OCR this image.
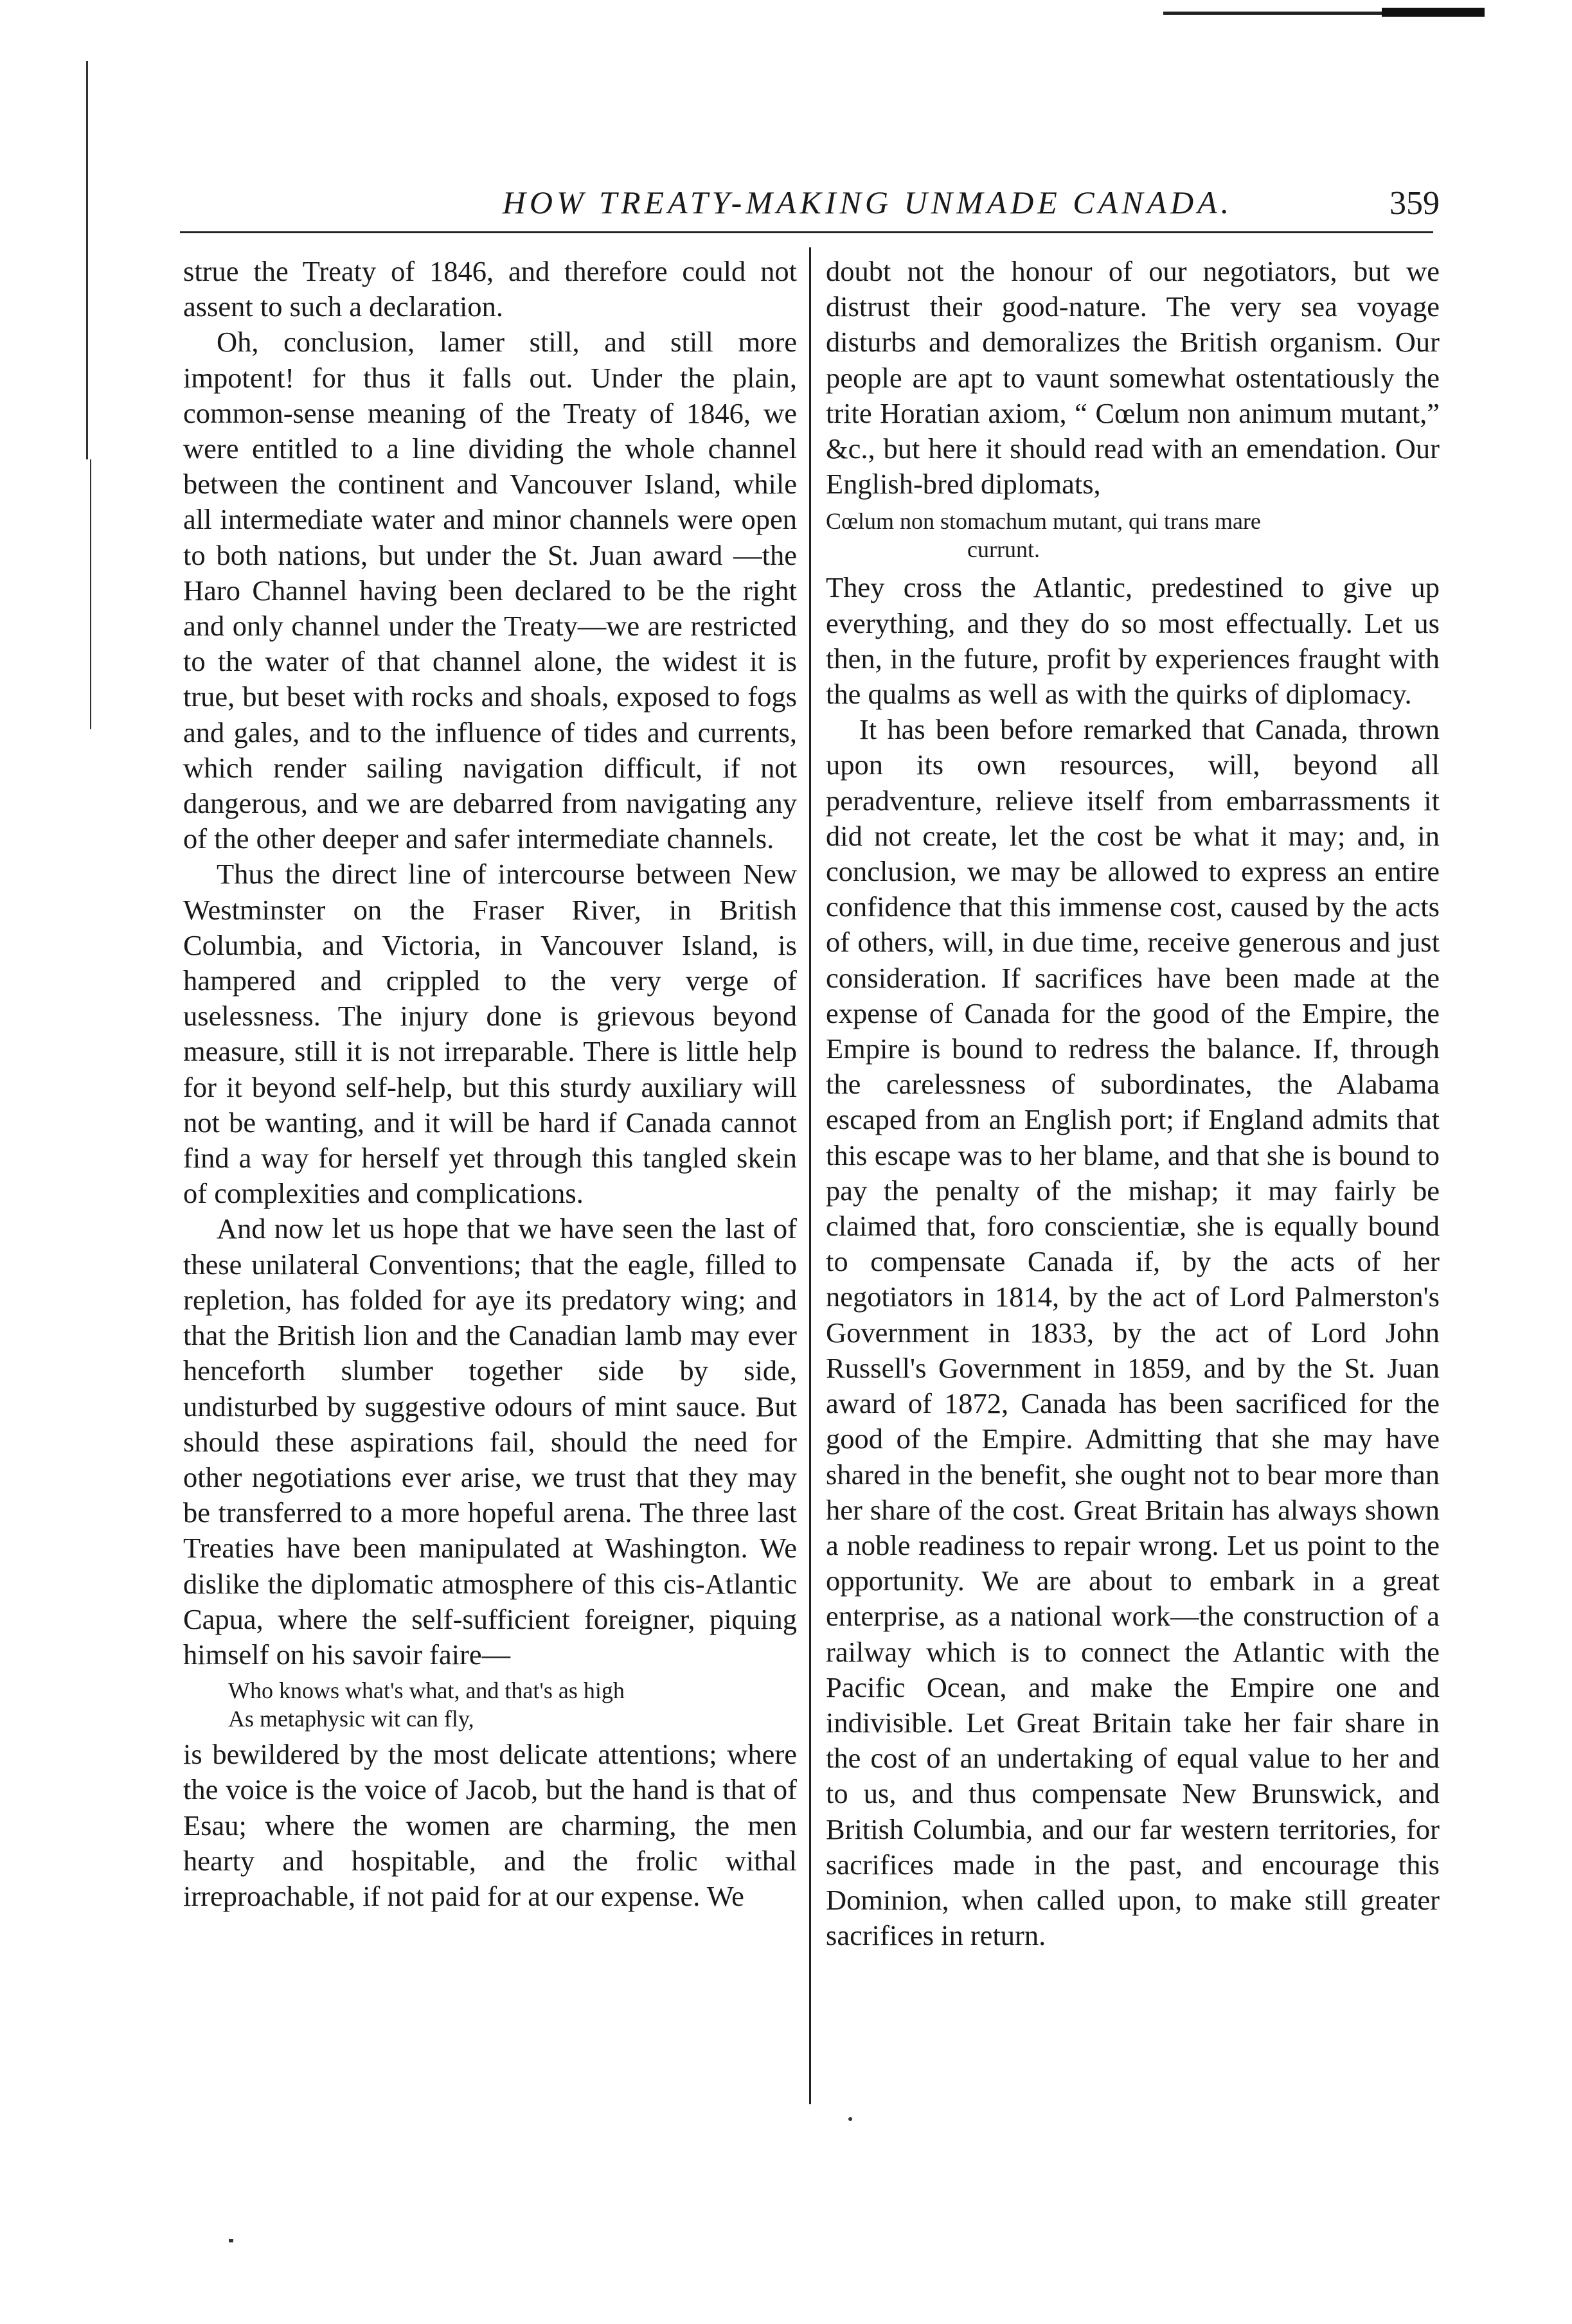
HOW TREATY-MAKING UNMADE CANADA.	359

strue the Treaty of 1846, and therefore could not assent to such a declaration.

Oh, conclusion, lamer still, and still more impotent! for thus it falls out. Under the plain, common-sense meaning of the Treaty of 1846, we were entitled to a line dividing the whole channel between the continent and Vancouver Island, while all intermediate water and minor channels were open to both nations, but under the St. Juan award —the Haro Channel having been declared to be the right and only channel under the Treaty—we are restricted to the water of that channel alone, the widest it is true, but beset with rocks and shoals, exposed to fogs and gales, and to the influence of tides and currents, which render sailing navigation difficult, if not dangerous, and we are debarred from navigating any of the other deeper and safer intermediate channels.

Thus the direct line of intercourse between New Westminster on the Fraser River, in British Columbia, and Victoria, in Vancouver Island, is hampered and crippled to the very verge of uselessness. The injury done is grievous beyond measure, still it is not irreparable. There is little help for it beyond self-help, but this sturdy auxiliary will not be wanting, and it will be hard if Canada cannot find a way for herself yet through this tangled skein of complexities and complications.

And now let us hope that we have seen the last of these unilateral Conventions; that the eagle, filled to repletion, has folded for aye its predatory wing; and that the British lion and the Canadian lamb may ever henceforth slumber together side by side, undisturbed by suggestive odours of mint sauce. But should these aspirations fail, should the need for other negotiations ever arise, we trust that they may be transferred to a more hopeful arena. The three last Treaties have been manipulated at Washington. We dislike the diplomatic atmosphere of this cis-Atlantic Capua, where the self-sufficient foreigner, piquing himself on his savoir faire—

Who knows what's what, and that's as high
As metaphysic wit can fly,

is bewildered by the most delicate attentions; where the voice is the voice of Jacob, but the hand is that of Esau; where the women are charming, the men hearty and hospitable, and the frolic withal irreproachable, if not paid for at our expense. We

doubt not the honour of our negotiators, but we distrust their good-nature. The very sea voyage disturbs and demoralizes the British organism. Our people are apt to vaunt somewhat ostentatiously the trite Horatian axiom, “ Cœlum non animum mutant,” &c., but here it should read with an emendation. Our English-bred diplomats,

Cœlum non stomachum mutant, qui trans mare
currunt.

They cross the Atlantic, predestined to give up everything, and they do so most effectually. Let us then, in the future, profit by experiences fraught with the qualms as well as with the quirks of diplomacy.

It has been before remarked that Canada, thrown upon its own resources, will, beyond all peradventure, relieve itself from embarrassments it did not create, let the cost be what it may; and, in conclusion, we may be allowed to express an entire confidence that this immense cost, caused by the acts of others, will, in due time, receive generous and just consideration. If sacrifices have been made at the expense of Canada for the good of the Empire, the Empire is bound to redress the balance. If, through the carelessness of subordinates, the Alabama escaped from an English port; if England admits that this escape was to her blame, and that she is bound to pay the penalty of the mishap; it may fairly be claimed that, foro conscientiæ, she is equally bound to compensate Canada if, by the acts of her negotiators in 1814, by the act of Lord Palmerston's Government in 1833, by the act of Lord John Russell's Government in 1859, and by the St. Juan award of 1872, Canada has been sacrificed for the good of the Empire. Admitting that she may have shared in the benefit, she ought not to bear more than her share of the cost. Great Britain has always shown a noble readiness to repair wrong. Let us point to the opportunity. We are about to embark in a great enterprise, as a national work—the construction of a railway which is to connect the Atlantic with the Pacific Ocean, and make the Empire one and indivisible. Let Great Britain take her fair share in the cost of an undertaking of equal value to her and to us, and thus compensate New Brunswick, and British Columbia, and our far western territories, for sacrifices made in the past, and encourage this Dominion, when called upon, to make still greater sacrifices in return.
